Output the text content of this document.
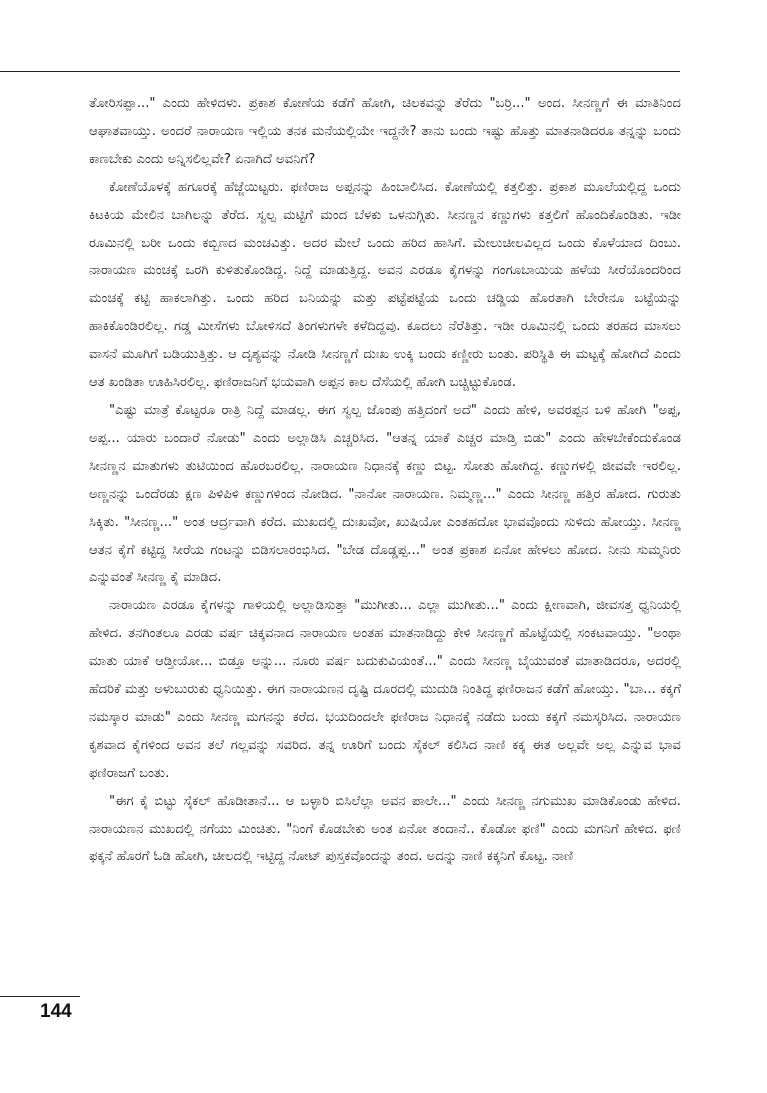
ತೋರಿಸಪ್ಪಾ..." ಎಂದು ಹೇಳಿದಳು. ಪ್ರಕಾಶ ಕೋಣೆಯ ಕಡೆಗೆ ಹೋಗಿ, ಚಿಲಕವನ್ನು ತೆರೆದು "ಬರ್ರಿ..." ಅಂದ. ಸೀನಣ್ಣಗೆ ಈ ಮಾತಿನಿಂದ ಆಘಾತವಾಯ್ತು. ಅಂದರೆ ನಾರಾಯಣ ಇಲ್ಲಿಯ ತನಕ ಮನೆಯಲ್ಲಿಯೇ ಇದ್ದನೇ? ತಾನು ಬಂದು ಇಷ್ಟು ಹೊತ್ತು ಮಾತನಾಡಿದರೂ ತನ್ನನ್ನು ಬಂದು ಕಾಣಬೇಕು ಎಂದು ಅನ್ನಿಸಲಿಲ್ಲವೇ? ಏನಾಗಿದೆ ಅವನಿಗೆ?

ಕೋಣೆಯೊಳಕ್ಕೆ ಹಗೂರಕ್ಕೆ ಹೆಜ್ಜೆಯಿಟ್ಟರು. ಫಣಿರಾಜ ಅಪ್ಪನನ್ನು ಹಿಂಬಾಲಿಸಿದ. ಕೋಣೆಯಲ್ಲಿ ಕತ್ತಲಿತ್ತು. ಪ್ರಕಾಶ ಮೂಲೆಯಲ್ಲಿದ್ದ ಒಂದು ಕಿಟಕಿಯ ಮೇಲಿನ ಬಾಗಿಲನ್ನು ತೆರೆದ. ಸ್ವಲ್ಪ ಮಟ್ಟಿಗೆ ಮಂದ ಬೆಳಕು ಒಳನುಗ್ಗಿತು. ಸೀನಣ್ಣನ ಕಣ್ಣುಗಳು ಕತ್ತಲಿಗೆ ಹೊಂದಿಕೊಂಡಿತು. ಇಡೀ ರೂಮಿನಲ್ಲಿ ಬರೀ ಒಂದು ಕಬ್ಬಿಣದ ಮಂಚವಿತ್ತು. ಅದರ ಮೇಲೆ ಒಂದು ಹರಿದ ಹಾಸಿಗೆ. ಮೇಲುಚೀಲವಿಲ್ಲದ ಒಂದು ಕೊಳೆಯಾದ ದಿಂಬು. ನಾರಾಯಣ ಮಂಚಕ್ಕೆ ಒರಗಿ ಕುಳಿತುಕೊಂಡಿದ್ದ. ನಿದ್ದೆ ಮಾಡುತ್ತಿದ್ದ. ಅವನ ಎರಡೂ ಕೈಗಳನ್ನು ಗಂಗೂಬಾಯಿಯ ಹಳೆಯ ಸೀರೆಯೊಂದರಿಂದ ಮಂಚಕ್ಕೆ ಕಟ್ಟಿ ಹಾಕಲಾಗಿತ್ತು. ಒಂದು ಹರಿದ ಬನಿಯನ್ನು ಮತ್ತು ಪಟ್ಟೆಪಟ್ಟೆಯ ಒಂದು ಚಡ್ಡಿಯ ಹೊರತಾಗಿ ಬೇರೇನೂ ಬಟ್ಟೆಯನ್ನು ಹಾಕಿಕೊಂಡಿರಲಿಲ್ಲ. ಗಡ್ಡ ಮೀಸೆಗಳು ಬೋಳಿಸದೆ ತಿಂಗಳುಗಳೇ ಕಳೆದಿದ್ದವು. ಕೂದಲು ನೆರೆತಿತ್ತು. ಇಡೀ ರೂಮಿನಲ್ಲಿ ಒಂದು ತರಹದ ಮಾಸಲು ವಾಸನೆ ಮೂಗಿಗೆ ಬಡಿಯುತ್ತಿತ್ತು. ಆ ದೃಶ್ಯವನ್ನು ನೋಡಿ ಸೀನಣ್ಣಗೆ ದುಃಖ ಉಕ್ಕಿ ಬಂದು ಕಣ್ಣೀರು ಬಂತು. ಪರಿಸ್ಥಿತಿ ಈ ಮಟ್ಟಕ್ಕೆ ಹೋಗಿದೆ ಎಂದು ಆತ ಖಂಡಿತಾ ಊಹಿಸಿರಲಿಲ್ಲ. ಫಣಿರಾಜನಿಗೆ ಭಯವಾಗಿ ಅಪ್ಪನ ಕಾಲ ದೆಸೆಯಲ್ಲಿ ಹೋಗಿ ಬಚ್ಚಿಟ್ಟುಕೊಂಡ.

"ಎಷ್ಟು ಮಾತ್ರೆ ಕೊಟ್ಟರೂ ರಾತ್ರಿ ನಿದ್ದೆ ಮಾಡಲ್ಲ. ಈಗ ಸ್ವಲ್ಪ ಜೊಂಪು ಹತ್ತಿದಂಗೆ ಅದೆ" ಎಂದು ಹೇಳಿ, ಅವರಪ್ಪನ ಬಳಿ ಹೋಗಿ "ಅಪ್ಪ, ಅಪ್ಪ... ಯಾರು ಬಂದಾರೆ ನೋಡು" ಎಂದು ಅಲ್ಲಾಡಿಸಿ ಎಚ್ಚರಿಸಿದ. "ಆತನ್ನ ಯಾಕೆ ಎಚ್ಚರ ಮಾಡ್ತಿ ಬಿಡು" ಎಂದು ಹೇಳಬೇಕೆಂದುಕೊಂಡ ಸೀನಣ್ಣನ ಮಾತುಗಳು ತುಟಿಯಿಂದ ಹೊರಬರಲಿಲ್ಲ. ನಾರಾಯಣ ನಿಧಾನಕ್ಕೆ ಕಣ್ಣು ಬಿಟ್ಟ. ಸೋತು ಹೋಗಿದ್ದ. ಕಣ್ಣುಗಳಲ್ಲಿ ಜೀವವೇ ಇರಲಿಲ್ಲ. ಅಣ್ಣನನ್ನು ಒಂದೆರಡು ಕ್ಷಣ ಪಿಳಿಪಿಳಿ ಕಣ್ಣುಗಳಿಂದ ನೋಡಿದ. "ನಾನೋ ನಾರಾಯಣ. ನಿಮ್ಮಣ್ಣ..." ಎಂದು ಸೀನಣ್ಣ ಹತ್ತಿರ ಹೋದ. ಗುರುತು ಸಿಕ್ಕಿತು. "ಸೀನಣ್ಣ..." ಅಂತ ಆರ್ದ್ರವಾಗಿ ಕರೆದ. ಮುಖದಲ್ಲಿ ದುಃಖವೋ, ಖುಷಿಯೋ ಎಂತಹದೋ ಭಾವವೊಂದು ಸುಳಿದು ಹೋಯ್ತು. ಸೀನಣ್ಣ ಆತನ ಕೈಗೆ ಕಟ್ಟಿದ್ದ ಸೀರೆಯ ಗಂಟನ್ನು ಬಿಡಿಸಲಾರಂಭಿಸಿದ. "ಬೇಡ ದೊಡ್ಡಪ್ಪ..." ಅಂತ ಪ್ರಕಾಶ ಏನೋ ಹೇಳಲು ಹೋದ. ನೀನು ಸುಮ್ಮನಿರು ಎನ್ನುವಂತೆ ಸೀನಣ್ಣ ಕೈ ಮಾಡಿದ.

ನಾರಾಯಣ ಎರಡೂ ಕೈಗಳನ್ನು ಗಾಳಿಯಲ್ಲಿ ಅಲ್ಲಾಡಿಸುತ್ತಾ "ಮುಗೀತು... ಎಲ್ಲಾ ಮುಗೀತು..." ಎಂದು ಕ್ಷೀಣವಾಗಿ, ಜೀವಸತ್ತ ಧ್ವನಿಯಲ್ಲಿ ಹೇಳಿದ. ತನಗಿಂತಲೂ ಎರಡು ವರ್ಷ ಚಿಕ್ಕವನಾದ ನಾರಾಯಣ ಅಂತಹ ಮಾತನಾಡಿದ್ದು ಕೇಳಿ ಸೀನಣ್ಣಗೆ ಹೊಟ್ಟೆಯಲ್ಲಿ ಸಂಕಟವಾಯ್ತು. "ಅಂಥಾ ಮಾತು ಯಾಕೆ ಆಡ್ತೀಯೋ... ಬಿಡ್ತೂ ಅನ್ನು... ನೂರು ವರ್ಷ ಬದುಕುವಿಯಂತೆ..." ಎಂದು ಸೀನಣ್ಣ ಬೈಯುವಂತೆ ಮಾತಾಡಿದರೂ, ಅದರಲ್ಲಿ ಹೆದರಿಕೆ ಮತ್ತು ಅಳುಬುರುಕು ಧ್ವನಿಯಿತ್ತು. ಈಗ ನಾರಾಯಣನ ದೃಷ್ಟಿ ದೂರದಲ್ಲಿ ಮುದುಡಿ ನಿಂತಿದ್ದ ಫಣಿರಾಜನ ಕಡೆಗೆ ಹೋಯ್ತು. "ಬಾ... ಕಕ್ಕಗೆ ನಮಸ್ಕಾರ ಮಾಡು" ಎಂದು ಸೀನಣ್ಣ ಮಗನನ್ನು ಕರೆದ. ಭಯದಿಂದಲೇ ಫಣಿರಾಜ ನಿಧಾನಕ್ಕೆ ನಡೆದು ಬಂದು ಕಕ್ಕಗೆ ನಮಸ್ಕರಿಸಿದ. ನಾರಾಯಣ ಕೃಶವಾದ ಕೈಗಳಿಂದ ಅವನ ತಲೆ ಗಲ್ಲವನ್ನು ಸವರಿದ. ತನ್ನ ಊರಿಗೆ ಬಂದು ಸೈಕಲ್ ಕಲಿಸಿದ ನಾಣಿ ಕಕ್ಕ ಈತ ಅಲ್ಲವೇ ಅಲ್ಲ ಎನ್ನುವ ಭಾವ ಫಣಿರಾಜಗೆ ಬಂತು.

"ಈಗ ಕೈ ಬಿಟ್ಟು ಸೈಕಲ್ ಹೊಡೀತಾನೆ... ಆ ಬಳ್ಳಾರಿ ಬಿಸಿಲೆಲ್ಲಾ ಅವನ ಪಾಲೇ..." ಎಂದು ಸೀನಣ್ಣ ನಗುಮುಖ ಮಾಡಿಕೊಂಡು ಹೇಳಿದ. ನಾರಾಯಣನ ಮುಖದಲ್ಲಿ ನಗೆಯು ಮಿಂಚಿತು. "ನಿಂಗೆ ಕೊಡಬೇಕು ಅಂತ ಏನೋ ತಂದಾನೆ.. ಕೊಡೋ ಫಣಿ" ಎಂದು ಮಗನಿಗೆ ಹೇಳಿದ. ಫಣಿ ಫಕ್ಕನೆ ಹೊರಗೆ ಓಡಿ ಹೋಗಿ, ಚೀಲದಲ್ಲಿ ಇಟ್ಟಿದ್ದ ನೋಟ್ ಪುಸ್ತಕವೊಂದನ್ನು ತಂದ. ಅದನ್ನು ನಾಣಿ ಕಕ್ಕನಿಗೆ ಕೊಟ್ಟ. ನಾಣಿ

144
